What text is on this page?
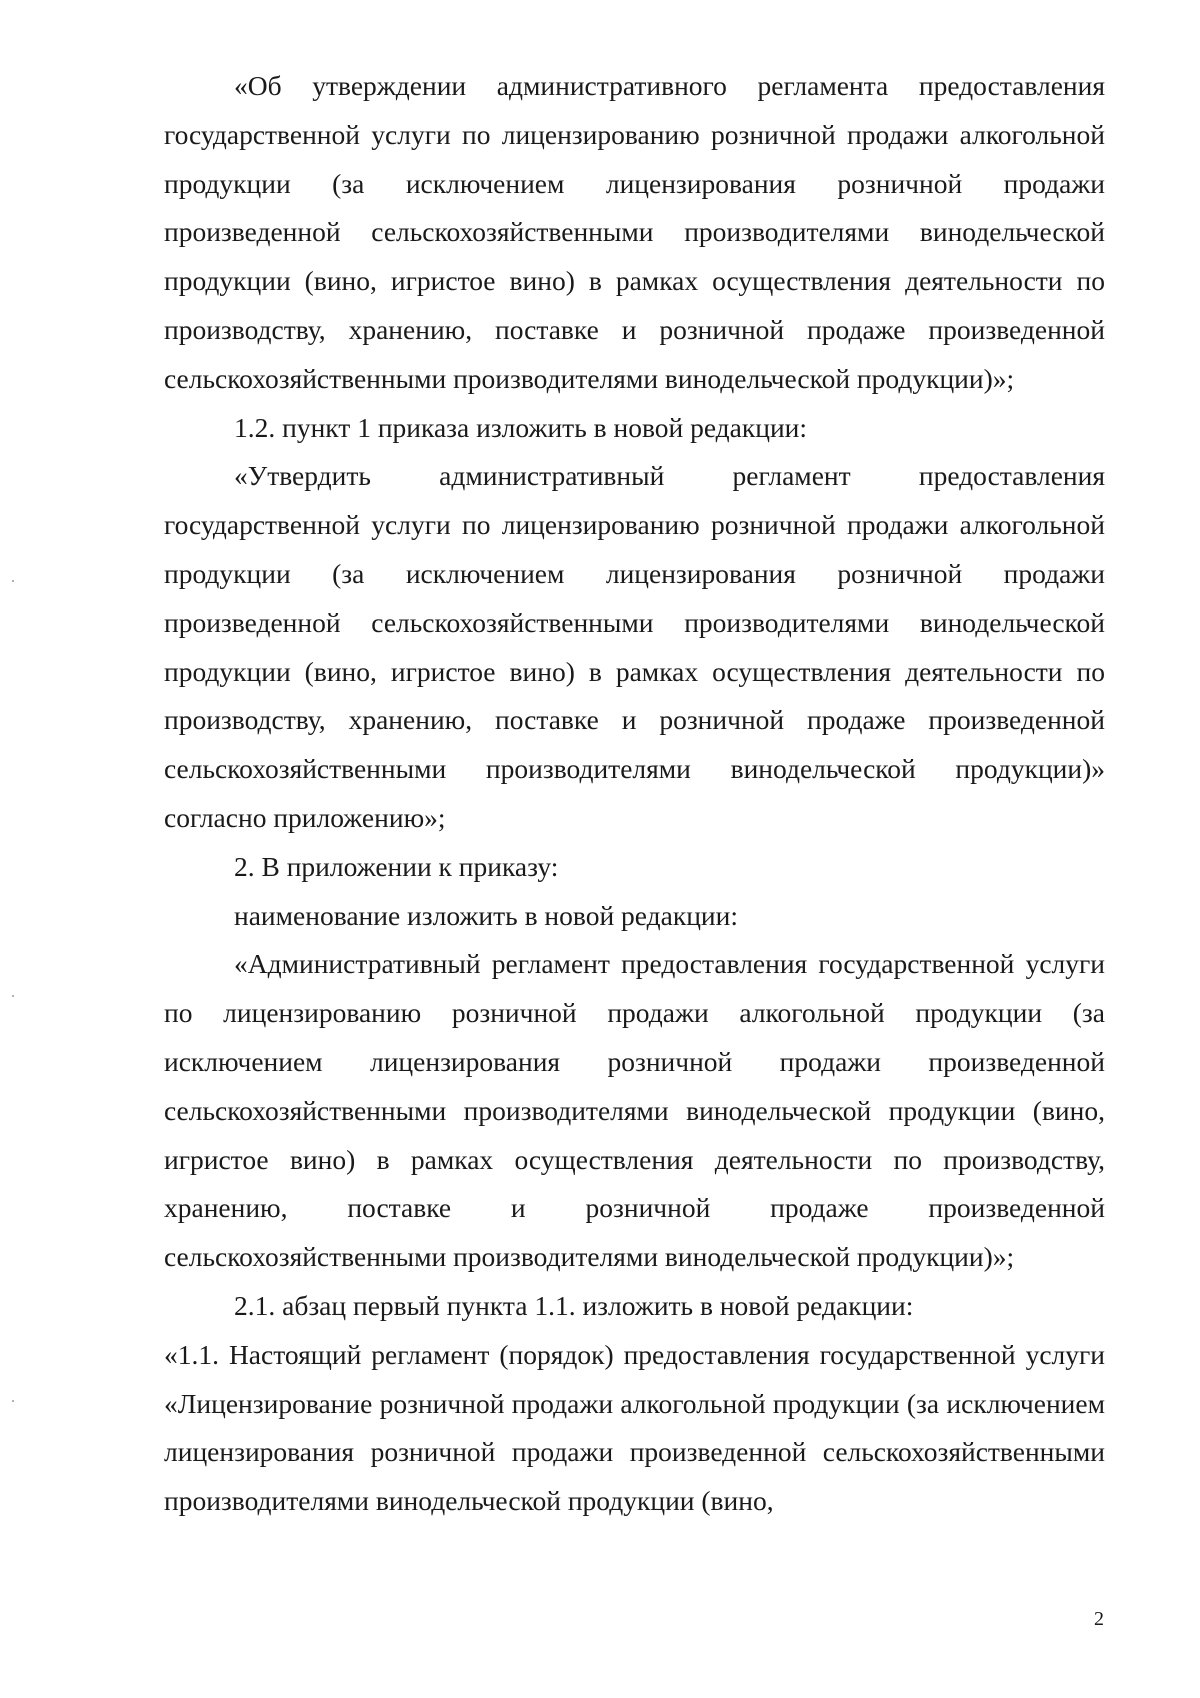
«Об утверждении административного регламента предоставления государственной услуги по лицензированию розничной продажи алкогольной продукции (за исключением лицензирования розничной продажи произведенной сельскохозяйственными производителями винодельческой продукции (вино, игристое вино) в рамках осуществления деятельности по производству, хранению, поставке и розничной продаже произведенной сельскохозяйственными производителями винодельческой продукции)»;

1.2. пункт 1 приказа изложить в новой редакции:

«Утвердить административный регламент предоставления государственной услуги по лицензированию розничной продажи алкогольной продукции (за исключением лицензирования розничной продажи произведенной сельскохозяйственными производителями винодельческой продукции (вино, игристое вино) в рамках осуществления деятельности по производству, хранению, поставке и розничной продаже произведенной сельскохозяйственными производителями винодельческой продукции)» согласно приложению»;

2. В приложении к приказу:

наименование изложить в новой редакции:

«Административный регламент предоставления государственной услуги по лицензированию розничной продажи алкогольной продукции (за исключением лицензирования розничной продажи произведенной сельскохозяйственными производителями винодельческой продукции (вино, игристое вино) в рамках осуществления деятельности по производству, хранению, поставке и розничной продаже произведенной сельскохозяйственными производителями винодельческой продукции)»;

2.1. абзац первый пункта 1.1. изложить в новой редакции:

«1.1. Настоящий регламент (порядок) предоставления государственной услуги «Лицензирование розничной продажи алкогольной продукции (за исключением лицензирования розничной продажи произведенной сельскохозяйственными производителями винодельческой продукции (вино,

2
